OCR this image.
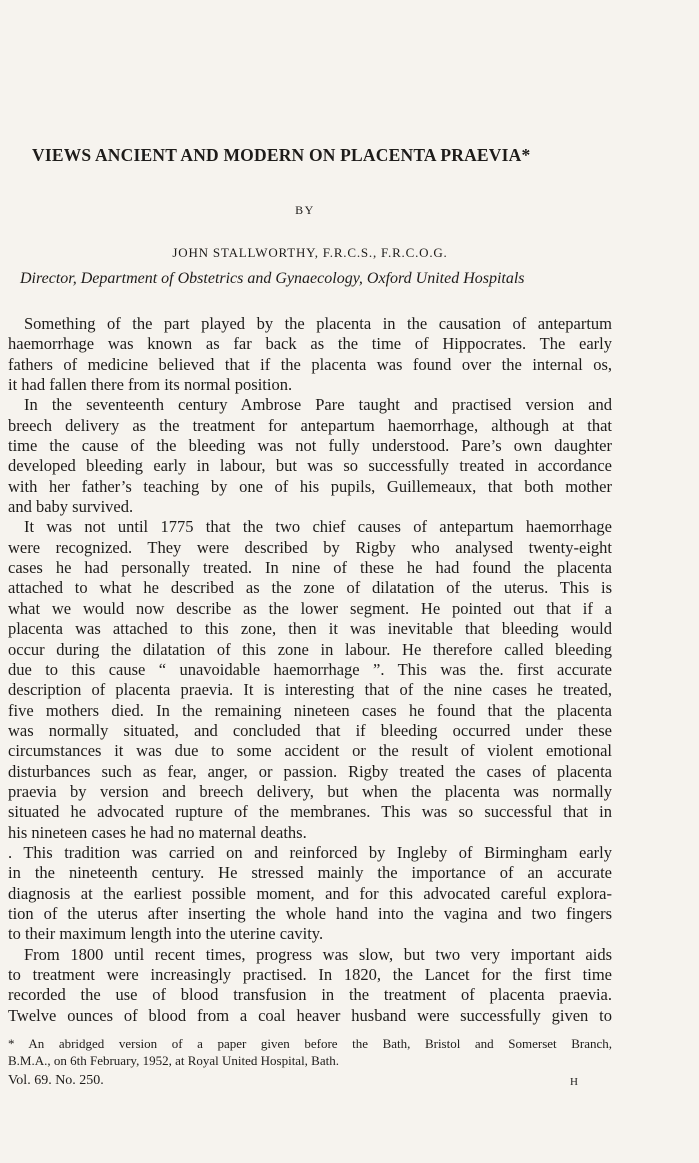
VIEWS ANCIENT AND MODERN ON PLACENTA PRAEVIA*
BY
JOHN STALLWORTHY, F.R.C.S., F.R.C.O.G.
Director, Department of Obstetrics and Gynaecology, Oxford United Hospitals
Something of the part played by the placenta in the causation of antepartum
haemorrhage was known as far back as the time of Hippocrates. The early
fathers of medicine believed that if the placenta was found over the internal os,
it had fallen there from its normal position.
In the seventeenth century Ambrose Pare taught and practised version and
breech delivery as the treatment for antepartum haemorrhage, although at that
time the cause of the bleeding was not fully understood. Pare’s own daughter
developed bleeding early in labour, but was so successfully treated in accordance
with her father’s teaching by one of his pupils, Guillemeaux, that both mother
and baby survived.
It was not until 1775 that the two chief causes of antepartum haemorrhage
were recognized. They were described by Rigby who analysed twenty-eight
cases he had personally treated. In nine of these he had found the placenta
attached to what he described as the zone of dilatation of the uterus. This is
what we would now describe as the lower segment. He pointed out that if a
placenta was attached to this zone, then it was inevitable that bleeding would
occur during the dilatation of this zone in labour. He therefore called bleeding
due to this cause “ unavoidable haemorrhage ”. This was the. first accurate
description of placenta praevia. It is interesting that of the nine cases he treated,
five mothers died. In the remaining nineteen cases he found that the placenta
was normally situated, and concluded that if bleeding occurred under these
circumstances it was due to some accident or the result of violent emotional
disturbances such as fear, anger, or passion. Rigby treated the cases of placenta
praevia by version and breech delivery, but when the placenta was normally
situated he advocated rupture of the membranes. This was so successful that in
his nineteen cases he had no maternal deaths.
. This tradition was carried on and reinforced by Ingleby of Birmingham early
in the nineteenth century. He stressed mainly the importance of an accurate
diagnosis at the earliest possible moment, and for this advocated careful explora-
tion of the uterus after inserting the whole hand into the vagina and two fingers
to their maximum length into the uterine cavity.
From 1800 until recent times, progress was slow, but two very important aids
to treatment were increasingly practised. In 1820, the Lancet for the first time
recorded the use of blood transfusion in the treatment of placenta praevia.
Twelve ounces of blood from a coal heaver husband were successfully given to
* An abridged version of a paper given before the Bath, Bristol and Somerset Branch,
B.M.A., on 6th February, 1952, at Royal United Hospital, Bath.
Vol. 69. No. 250.	H
